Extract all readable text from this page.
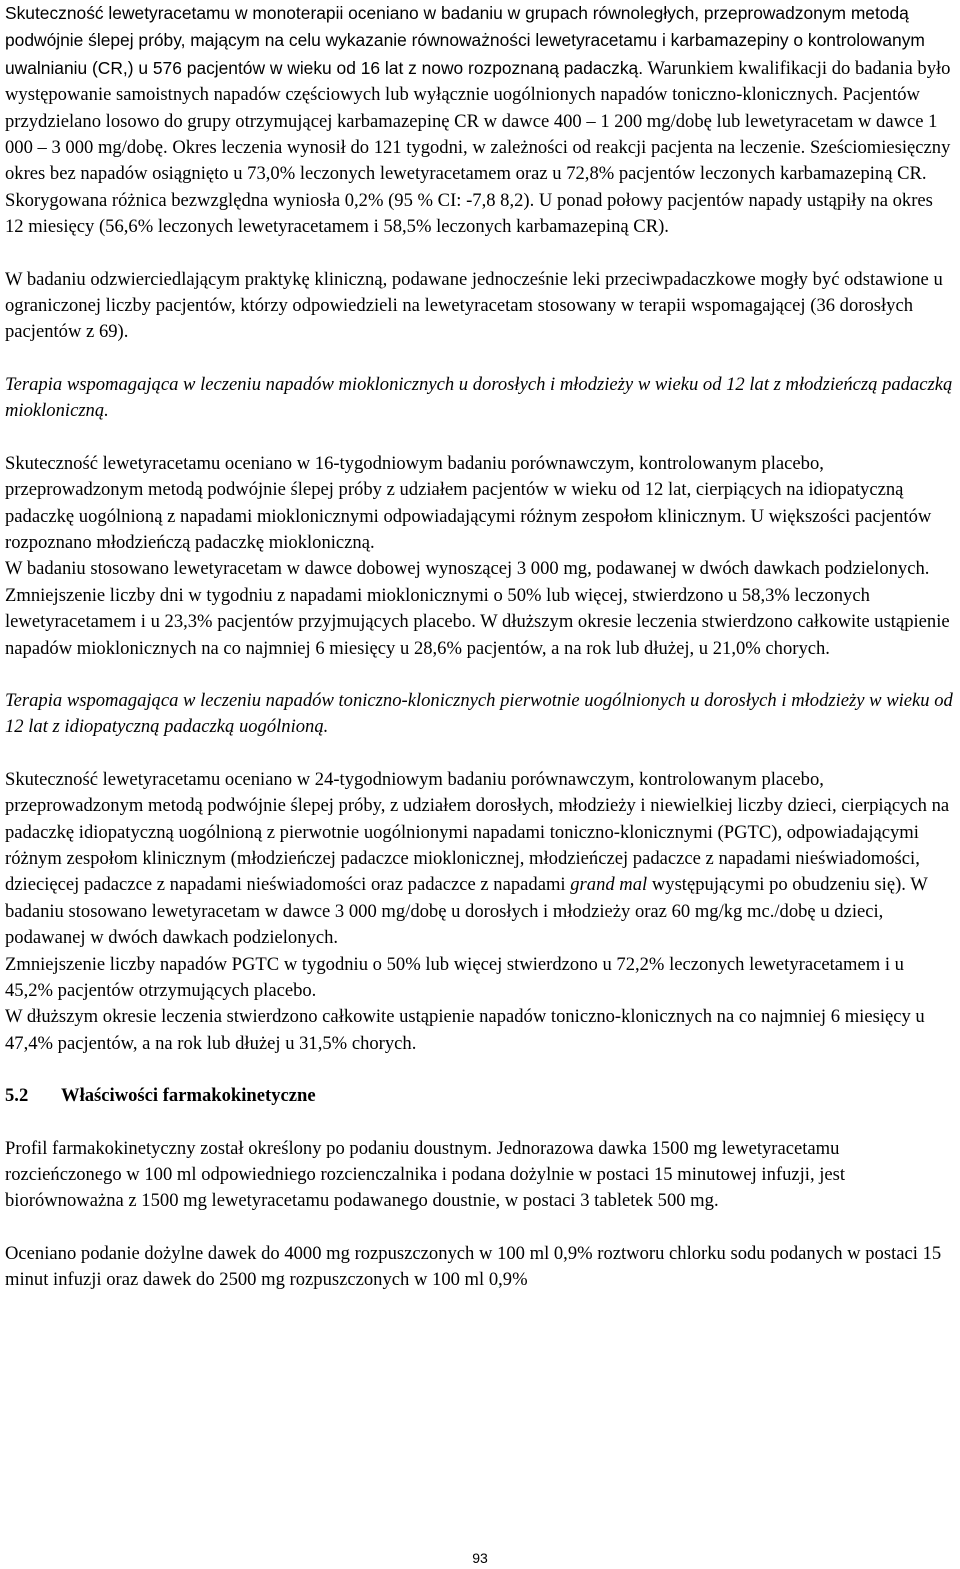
Skuteczność lewetyracetamu w monoterapii oceniano w badaniu w grupach równoległych, przeprowadzonym metodą podwójnie ślepej próby, mającym na celu wykazanie równoważności lewetyracetamu i karbamazepiny o kontrolowanym uwalnianiu (CR,) u 576 pacjentów w wieku od 16 lat z nowo rozpoznaną padaczką. Warunkiem kwalifikacji do badania było występowanie samoistnych napadów częściowych lub wyłącznie uogólnionych napadów toniczno-klonicznych. Pacjentów przydzielano losowo do grupy otrzymującej karbamazepinę CR w dawce 400 – 1 200 mg/dobę lub lewetyracetam w dawce 1 000 – 3 000 mg/dobę. Okres leczenia wynosił do 121 tygodni, w zależności od reakcji pacjenta na leczenie. Sześciomiesięczny okres bez napadów osiągnięto u 73,0% leczonych lewetyracetamem oraz u 72,8% pacjentów leczonych karbamazepiną CR. Skorygowana różnica bezwzględna wyniosła 0,2% (95 % CI: -7,8 8,2). U ponad połowy pacjentów napady ustąpiły na okres 12 miesięcy (56,6% leczonych lewetyracetamem i 58,5% leczonych karbamazepiną CR).

W badaniu odzwierciedlającym praktykę kliniczną, podawane jednocześnie leki przeciwpadaczkowe mogły być odstawione u ograniczonej liczby pacjentów, którzy odpowiedzieli na lewetyracetam stosowany w terapii wspomagającej (36 dorosłych pacjentów z 69).

Terapia wspomagająca w leczeniu napadów mioklonicznych u dorosłych i młodzieży w wieku od 12 lat z młodzieńczą padaczką miokloniczną.

Skuteczność lewetyracetamu oceniano w 16-tygodniowym badaniu porównawczym, kontrolowanym placebo, przeprowadzonym metodą podwójnie ślepej próby z udziałem pacjentów w wieku od 12 lat, cierpiących na idiopatyczną padaczkę uogólnioną z napadami mioklonicznymi odpowiadającymi różnym zespołom klinicznym. U większości pacjentów rozpoznano młodzieńczą padaczkę miokloniczną.

W badaniu stosowano lewetyracetam w dawce dobowej wynoszącej 3 000 mg, podawanej w dwóch dawkach podzielonych.

Zmniejszenie liczby dni w tygodniu z napadami mioklonicznymi o 50% lub więcej, stwierdzono u 58,3% leczonych lewetyracetamem i u 23,3% pacjentów przyjmujących placebo. W dłuższym okresie leczenia stwierdzono całkowite ustąpienie napadów mioklonicznych na co najmniej 6 miesięcy u 28,6% pacjentów, a na rok lub dłużej, u 21,0% chorych.

Terapia wspomagająca w leczeniu napadów toniczno-klonicznych pierwotnie uogólnionych u dorosłych i młodzieży w wieku od 12 lat z idiopatyczną padaczką uogólnioną.

Skuteczność lewetyracetamu oceniano w 24-tygodniowym badaniu porównawczym, kontrolowanym placebo, przeprowadzonym metodą podwójnie ślepej próby, z udziałem dorosłych, młodzieży i niewielkiej liczby dzieci, cierpiących na padaczkę idiopatyczną uogólnioną z pierwotnie uogólnionymi napadami toniczno-klonicznymi (PGTC), odpowiadającymi różnym zespołom klinicznym (młodzieńczej padaczce mioklonicznej, młodzieńczej padaczce z napadami nieświadomości, dziecięcej padaczce z napadami nieświadomości oraz padaczce z napadami grand mal występującymi po obudzeniu się). W badaniu stosowano lewetyracetam w dawce 3 000 mg/dobę u dorosłych i młodzieży oraz 60 mg/kg mc./dobę u dzieci, podawanej w dwóch dawkach podzielonych.

Zmniejszenie liczby napadów PGTC w tygodniu o 50% lub więcej stwierdzono u 72,2% leczonych lewetyracetamem i u 45,2% pacjentów otrzymujących placebo.

W dłuższym okresie leczenia stwierdzono całkowite ustąpienie napadów toniczno-klonicznych na co najmniej 6 miesięcy u 47,4% pacjentów, a na rok lub dłużej u 31,5% chorych.

5.2	Właściwości farmakokinetyczne

Profil farmakokinetyczny został określony po podaniu doustnym. Jednorazowa dawka 1500 mg lewetyracetamu rozcieńczonego w 100 ml odpowiedniego rozcienczalnika i podana dożylnie w postaci 15 minutowej infuzji, jest biorównoważna z 1500 mg lewetyracetamu podawanego doustnie, w postaci 3 tabletek 500 mg.

Oceniano podanie dożylne dawek do 4000 mg rozpuszczonych w 100 ml 0,9% roztworu chlorku sodu podanych w postaci 15 minut infuzji oraz dawek do 2500 mg rozpuszczonych w 100 ml 0,9%

93
